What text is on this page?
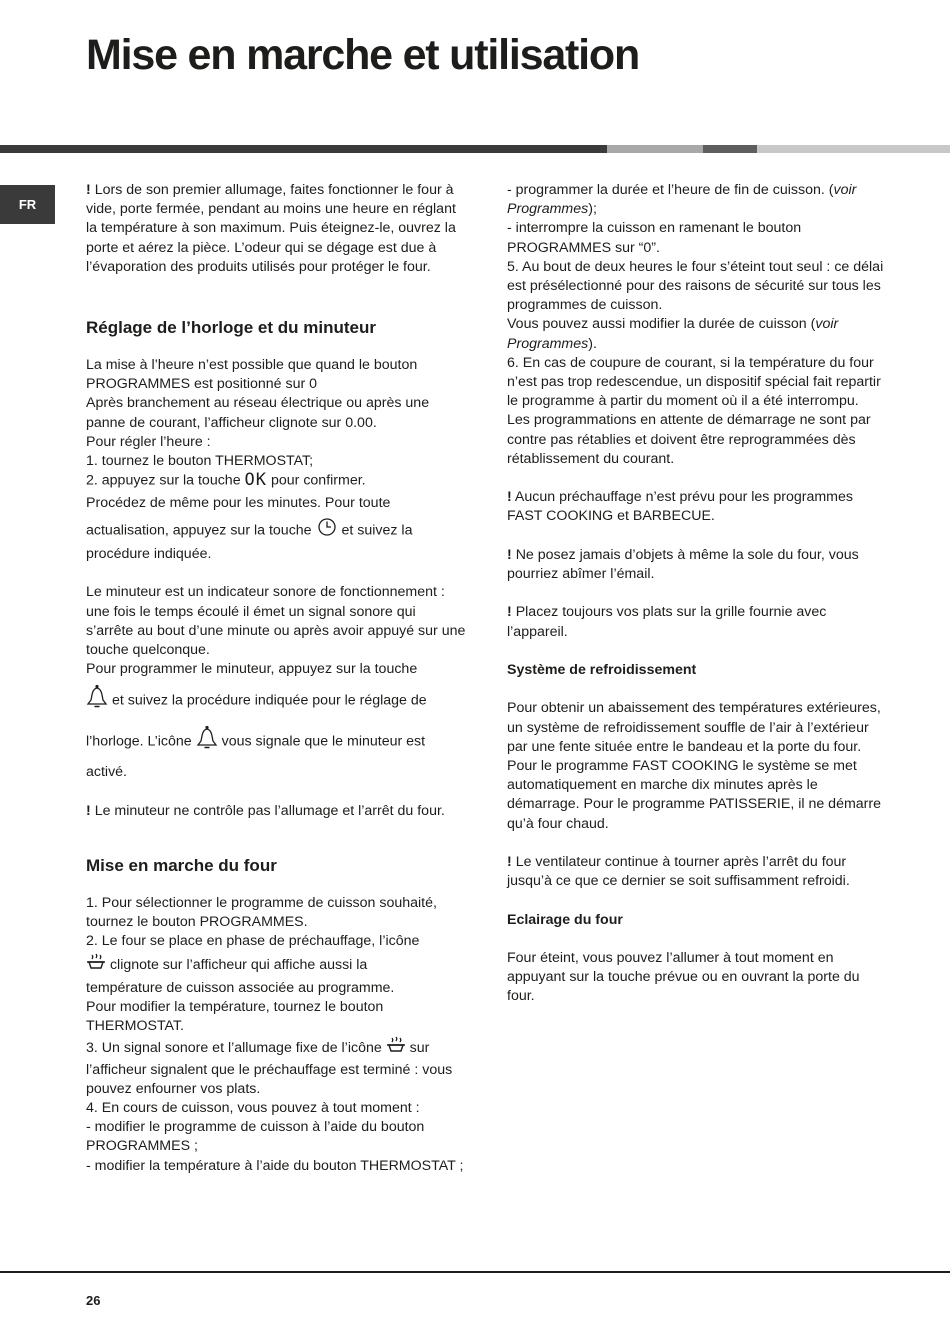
Mise en marche et utilisation
FR

! Lors de son premier allumage, faites fonctionner le four à vide, porte fermée, pendant au moins une heure en réglant la température à son maximum. Puis éteignez-le, ouvrez la porte et aérez la pièce. L’odeur qui se dégage est due à l’évaporation des produits utilisés pour protéger le four.

Réglage de l’horloge et du minuteur

La mise à l’heure n’est possible que quand le bouton PROGRAMMES est positionné sur 0

Après branchement au réseau électrique ou après une panne de courant, l’afficheur clignote sur 0.00.

Pour régler l’heure :

1. tournez le bouton THERMOSTAT;

2. appuyez sur la touche OK pour confirmer.

Procédez de même pour les minutes. Pour toute

actualisation, appuyez sur la touche et suivez la

procédure indiquée.

Le minuteur est un indicateur sonore de fonctionnement : une fois le temps écoulé il émet un signal sonore qui s’arrête au bout d’une minute ou après avoir appuyé sur une touche quelconque.

Pour programmer le minuteur, appuyez sur la touche

et suivez la procédure indiquée pour le réglage de

l’horloge. L’icône vous signale que le minuteur est

activé.

! Le minuteur ne contrôle pas l’allumage et l’arrêt du four.

Mise en marche du four

1. Pour sélectionner le programme de cuisson souhaité, tournez le bouton PROGRAMMES.

2. Le four se place en phase de préchauffage, l’icône

clignote sur l’afficheur qui affiche aussi la

température de cuisson associée au programme.

Pour modifier la température, tournez le bouton THERMOSTAT.

3. Un signal sonore et l’allumage fixe de l’icône sur

l’afficheur signalent que le préchauffage est terminé : vous pouvez enfourner vos plats.

4. En cours de cuisson, vous pouvez à tout moment :

- modifier le programme de cuisson à l’aide du bouton PROGRAMMES ;

- modifier la température à l’aide du bouton THERMOSTAT ;

- programmer la durée et l’heure de fin de cuisson. (voir Programmes);

- interrompre la cuisson en ramenant le bouton PROGRAMMES sur “0”.

5. Au bout de deux heures le four s’éteint tout seul : ce délai est présélectionné pour des raisons de sécurité sur tous les programmes de cuisson.

Vous pouvez aussi modifier la durée de cuisson (voir Programmes).

6. En cas de coupure de courant, si la température du four n’est pas trop redescendue, un dispositif spécial fait repartir le programme à partir du moment où il a été interrompu. Les programmations en attente de démarrage ne sont par contre pas rétablies et doivent être reprogrammées dès rétablissement du courant.

! Aucun préchauffage n’est prévu pour les programmes FAST COOKING et BARBECUE.

! Ne posez jamais d’objets à même la sole du four, vous pourriez abîmer l’émail.

! Placez toujours vos plats sur la grille fournie avec l’appareil.

Système de refroidissement

Pour obtenir un abaissement des températures extérieures, un système de refroidissement souffle de l’air à l’extérieur par une fente située entre le bandeau et la porte du four. Pour le programme FAST COOKING le système se met automatiquement en marche dix minutes après le démarrage. Pour le programme PATISSERIE, il ne démarre qu’à four chaud.

! Le ventilateur continue à tourner après l’arrêt du four jusqu’à ce que ce dernier se soit suffisamment refroidi.

Eclairage du four

Four éteint, vous pouvez l’allumer à tout moment en appuyant sur la touche prévue ou en ouvrant la porte du four.

26
